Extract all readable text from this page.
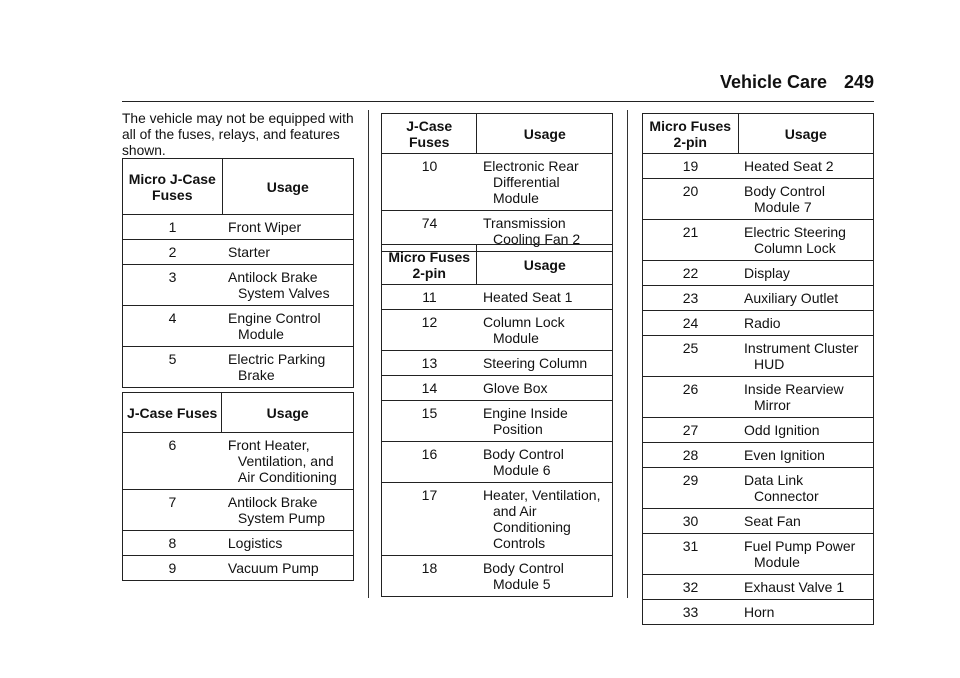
Vehicle Care 249
The vehicle may not be equipped with all of the fuses, relays, and features shown.
Micro J-Case Fuses	Usage
1	Front Wiper

2	Starter

3	Antilock Brake System Valves

4	Engine Control Module

5	Electric Parking Brake
J-Case Fuses	Usage
6	Front Heater, Ventilation, and Air Conditioning

7	Antilock Brake System Pump

8	Logistics

9	Vacuum Pump
J-Case Fuses	Usage
10	Electronic Rear Differential Module

74	Transmission Cooling Fan 2
Micro Fuses 2-pin	Usage
11	Heated Seat 1

12	Column Lock Module

13	Steering Column

14	Glove Box

15	Engine Inside Position

16	Body Control Module 6

17	Heater, Ventilation, and Air Conditioning Controls

18	Body Control Module 5
Micro Fuses 2-pin	Usage
19	Heated Seat 2

20	Body Control Module 7

21	Electric Steering Column Lock

22	Display

23	Auxiliary Outlet

24	Radio

25	Instrument Cluster HUD

26	Inside Rearview Mirror

27	Odd Ignition

28	Even Ignition

29	Data Link Connector

30	Seat Fan

31	Fuel Pump Power Module

32	Exhaust Valve 1

33	Horn
